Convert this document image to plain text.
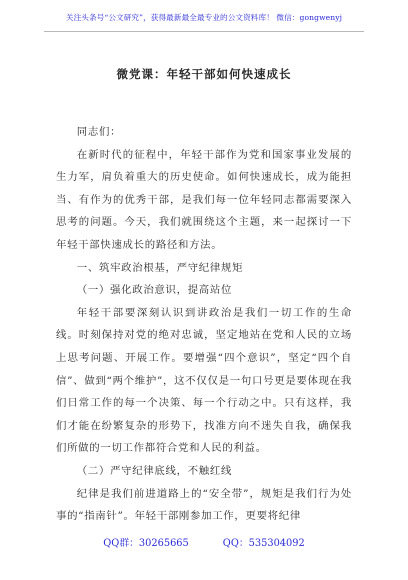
关注头条号“公文研究”，获得最新最全最专业的公文资料库！ 微信：gongwenyj
微党课：年轻干部如何快速成长

同志们：

在新时代的征程中，年轻干部作为党和国家事业发展的生力军，肩负着重大的历史使命。如何快速成长，成为能担当、有作为的优秀干部，是我们每一位年轻同志都需要深入思考的问题。今天，我们就围绕这个主题，来一起探讨一下年轻干部快速成长的路径和方法。

一、筑牢政治根基，严守纪律规矩

（一）强化政治意识，提高站位

年轻干部要深刻认识到讲政治是我们一切工作的生命线。时刻保持对党的绝对忠诚，坚定地站在党和人民的立场上思考问题、开展工作。要增强“四个意识”，坚定“四个自信”、做到“两个维护”，这不仅仅是一句口号更是要体现在我们日常工作的每一个决策、每一个行动之中。只有这样，我们才能在纷繁复杂的形势下，找准方向不迷失自我，确保我们所做的一切工作都符合党和人民的利益。

（二）严守纪律底线，不触红线

纪律是我们前进道路上的“安全带”，规矩是我们行为处事的“指南针”。年轻干部刚参加工作，更要将纪律

QQ群：30265665	QQ：535304092
